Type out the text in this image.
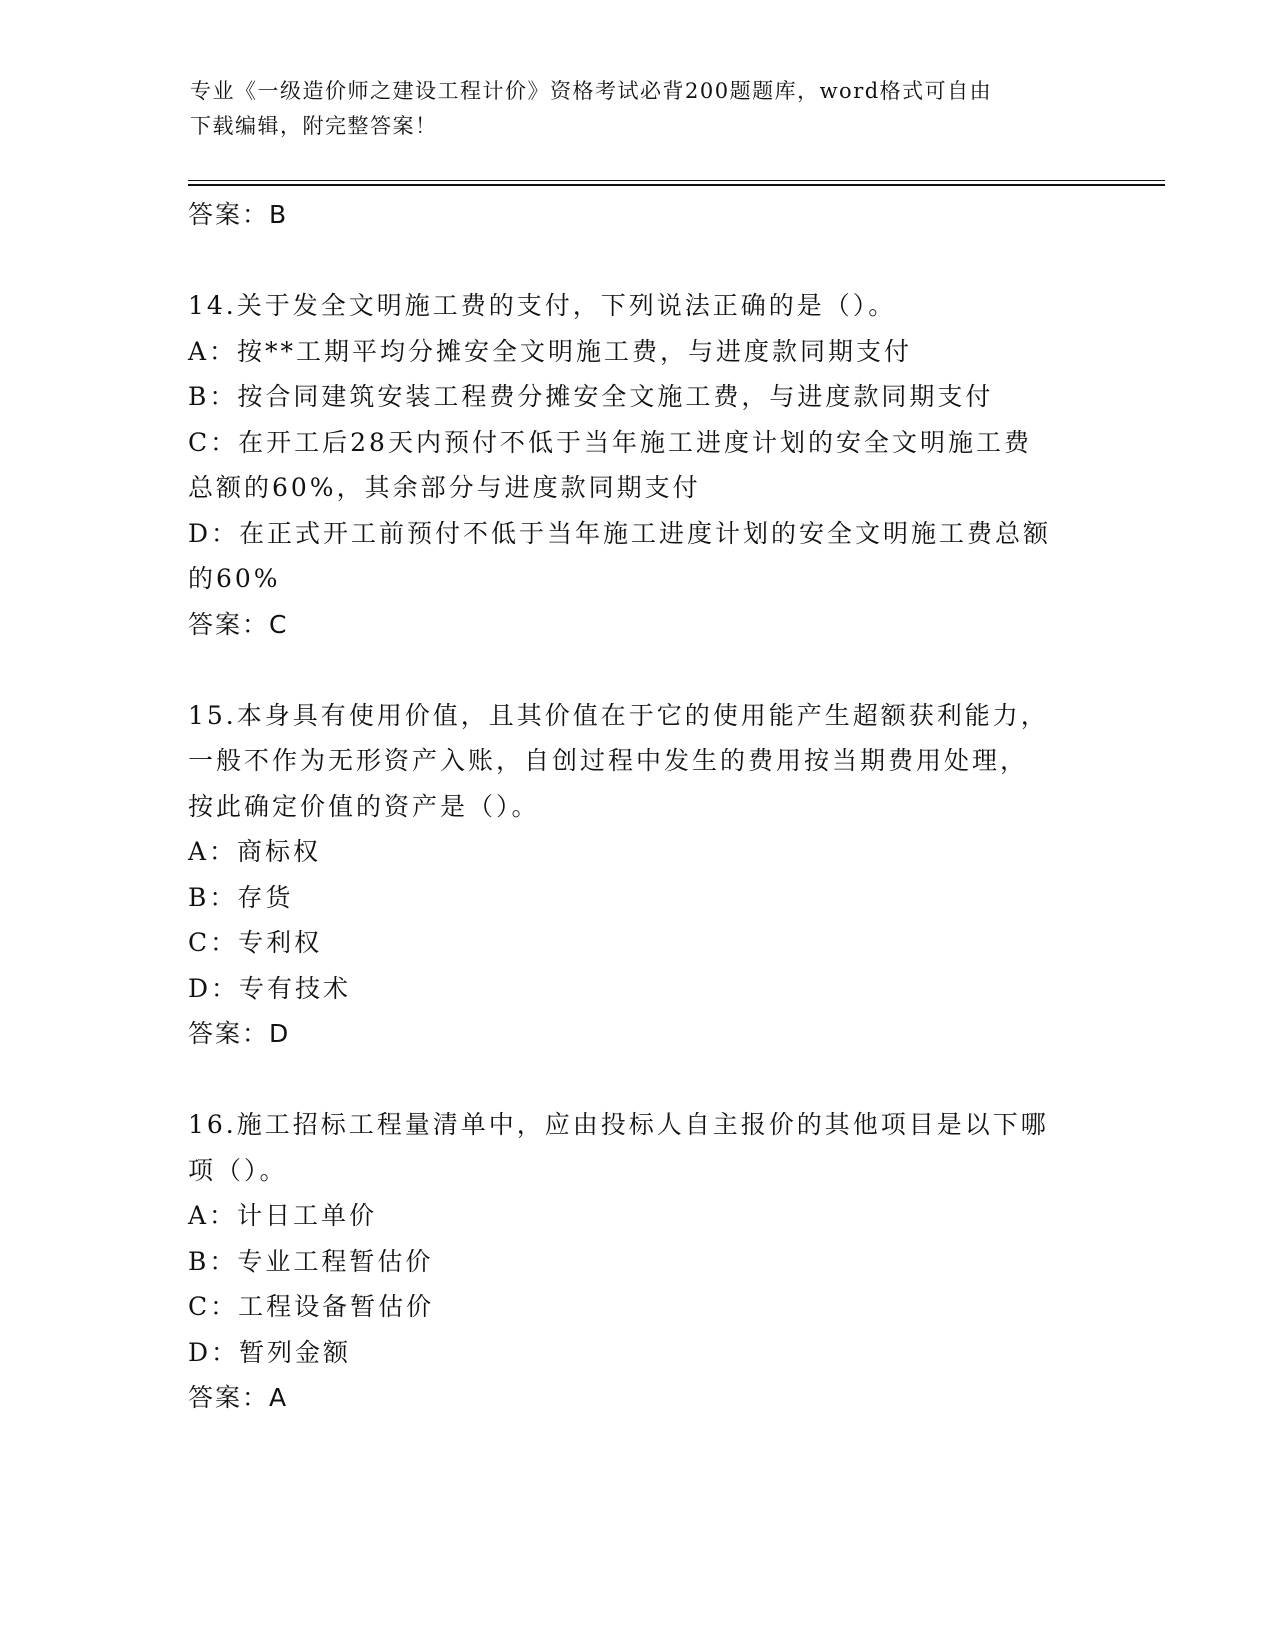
专业《一级造价师之建设工程计价》资格考试必背200题题库，word格式可自由
下载编辑，附完整答案！
答案：B
14.关于发全文明施工费的支付，下列说法正确的是（）。
A：按**工期平均分摊安全文明施工费，与进度款同期支付
B：按合同建筑安装工程费分摊安全文施工费，与进度款同期支付
C：在开工后28天内预付不低于当年施工进度计划的安全文明施工费
总额的60%，其余部分与进度款同期支付
D：在正式开工前预付不低于当年施工进度计划的安全文明施工费总额
的60%
答案：C
15.本身具有使用价值，且其价值在于它的使用能产生超额获利能力，
一般不作为无形资产入账，自创过程中发生的费用按当期费用处理，
按此确定价值的资产是（）。
A：商标权
B：存货
C：专利权
D：专有技术
答案：D
16.施工招标工程量清单中，应由投标人自主报价的其他项目是以下哪
项（）。
A：计日工单价
B：专业工程暂估价
C：工程设备暂估价
D：暂列金额
答案：A
